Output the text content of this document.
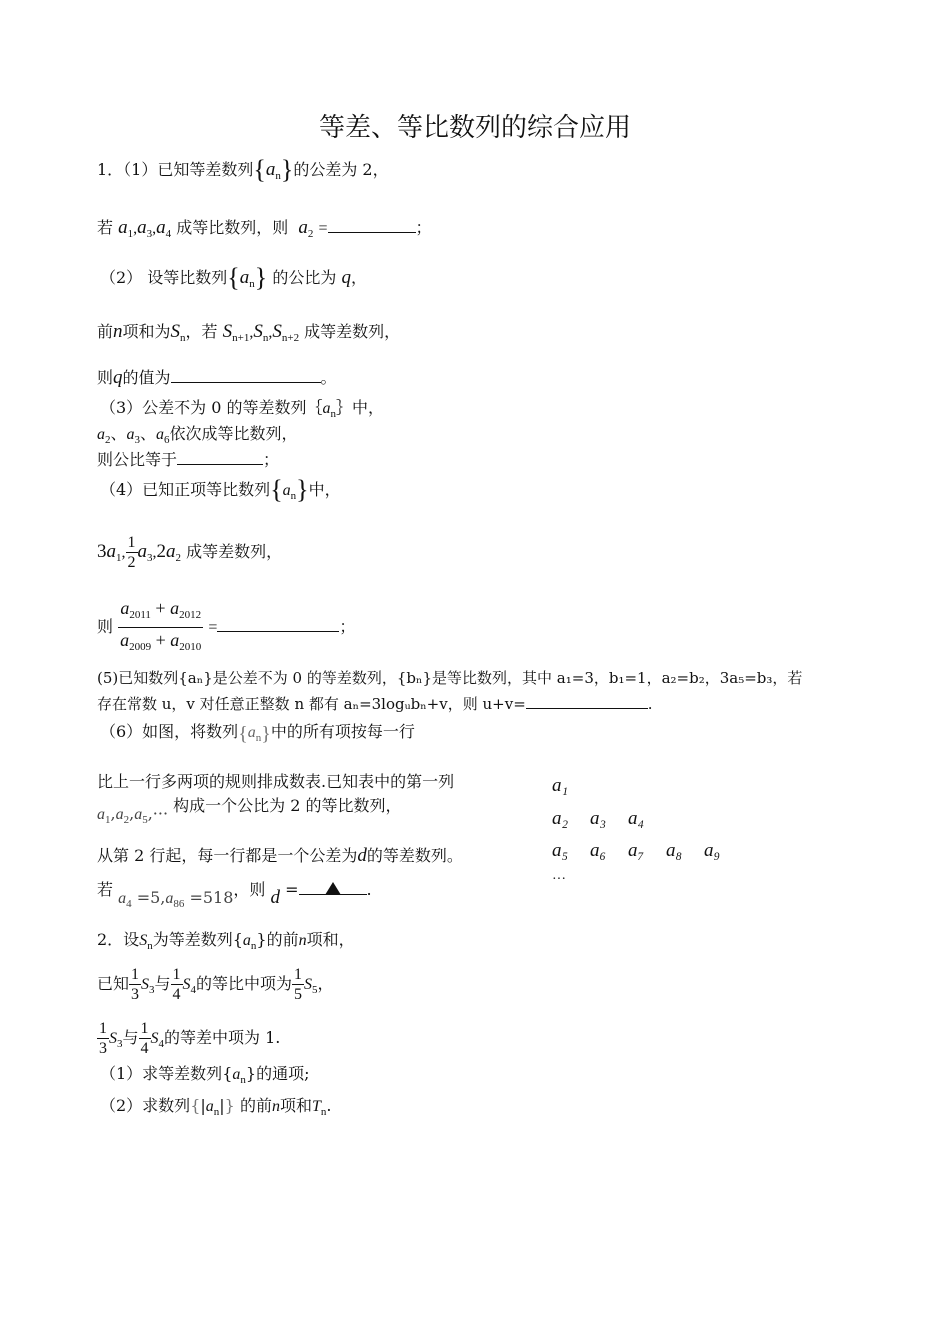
等差、等比数列的综合应用
1．（1）已知等差数列$\{a_n\}$的公差为 2，
若 $a_1,a_3,a_4$ 成等比数列，则 $a_2$ =	；
（2） 设等比数列$\{a_n\}$ 的公比为 q，
前n项和为$S_n$，若 $S_{n+1},S_n,S_{n+2}$ 成等差数列，
则q的值为	。
（3）公差不为 0 的等差数列$\{a_n\}$中，
$a_2$、$a_3$、$a_6$依次成等比数列，
则公比等于	；
（4）已知正项等比数列$\{a_n\}$中，
$3a_1$, $\frac{1}{2} a_3,2a_2$ 成等差数列，
则 $\frac{a_{2011} + a_{2012}}{a_{2009} + a_{2010}}$ =	；
(5)已知数列{aₙ}是公差不为 0 的等差数列，{bₙ}是等比数列，其中 a₁=3，b₁=1，a₂=b₂，3a₅=b₃，若
存在常数 u，v 对任意正整数 n 都有 aₙ=3logᵤbₙ+v，则 u+v=	.
（6）如图，将数列$\{a_n\}$中的所有项按每一行
比上一行多两项的规则排成数表.已知表中的第一列
$a_1,a_2,a_5,\cdot\cdot\cdot$ 构成一个公比为 2 的等比数列，
从第 2 行起，每一行都是一个公差为d的等差数列。
若 $a_4 =5,a_{86} =518$，则 d =	.
a₁
a₂ a₃ a₄
a₅ a₆ a₇ a₈ a₉
···
2．设$S_n$为等差数列$\{a_n\}$的前n项和，
已知 $\frac{1}{3} S_3$与 $\frac{1}{4} S_4$的等比中项为 $\frac{1}{5} S_5$，
$\frac{1}{3} S_3$与 $\frac{1}{4} S_4$的等差中项为 1.
（1）求等差数列$\{a_n\}$的通项;
（2）求数列$\{|a_n|\}$ 的前n项和$T_n$.
